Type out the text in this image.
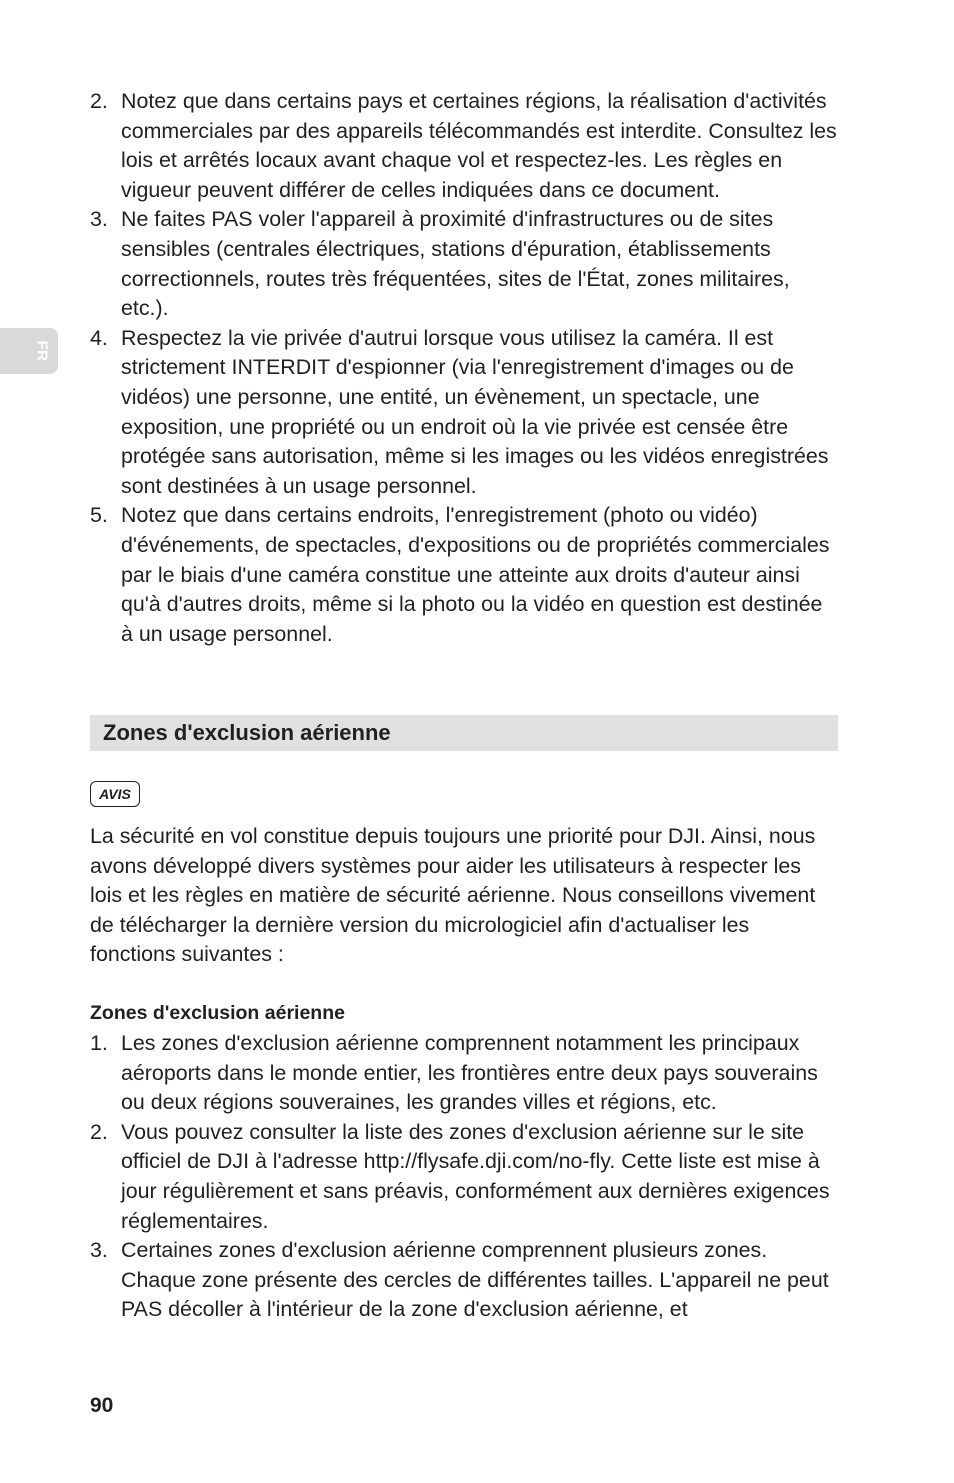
FR
2. Notez que dans certains pays et certaines régions, la réalisation d'activités commerciales par des appareils télécommandés est interdite. Consultez les lois et arrêtés locaux avant chaque vol et respectez-les. Les règles en vigueur peuvent différer de celles indiquées dans ce document.
3. Ne faites PAS voler l'appareil à proximité d'infrastructures ou de sites sensibles (centrales électriques, stations d'épuration, établissements correctionnels, routes très fréquentées, sites de l'État, zones militaires, etc.).
4. Respectez la vie privée d'autrui lorsque vous utilisez la caméra. Il est strictement INTERDIT d'espionner (via l'enregistrement d'images ou de vidéos) une personne, une entité, un évènement, un spectacle, une exposition, une propriété ou un endroit où la vie privée est censée être protégée sans autorisation, même si les images ou les vidéos enregistrées sont destinées à un usage personnel.
5. Notez que dans certains endroits, l'enregistrement (photo ou vidéo) d'événements, de spectacles, d'expositions ou de propriétés commerciales par le biais d'une caméra constitue une atteinte aux droits d'auteur ainsi qu'à d'autres droits, même si la photo ou la vidéo en question est destinée à un usage personnel.
Zones d'exclusion aérienne
AVIS

La sécurité en vol constitue depuis toujours une priorité pour DJI. Ainsi, nous avons développé divers systèmes pour aider les utilisateurs à respecter les lois et les règles en matière de sécurité aérienne. Nous conseillons vivement de télécharger la dernière version du micrologiciel afin d'actualiser les fonctions suivantes :

Zones d'exclusion aérienne
1. Les zones d'exclusion aérienne comprennent notamment les principaux aéroports dans le monde entier, les frontières entre deux pays souverains ou deux régions souveraines, les grandes villes et régions, etc.
2. Vous pouvez consulter la liste des zones d'exclusion aérienne sur le site officiel de DJI à l'adresse http://flysafe.dji.com/no-fly. Cette liste est mise à jour régulièrement et sans préavis, conformément aux dernières exigences réglementaires.
3. Certaines zones d'exclusion aérienne comprennent plusieurs zones. Chaque zone présente des cercles de différentes tailles. L'appareil ne peut PAS décoller à l'intérieur de la zone d'exclusion aérienne, et
90
